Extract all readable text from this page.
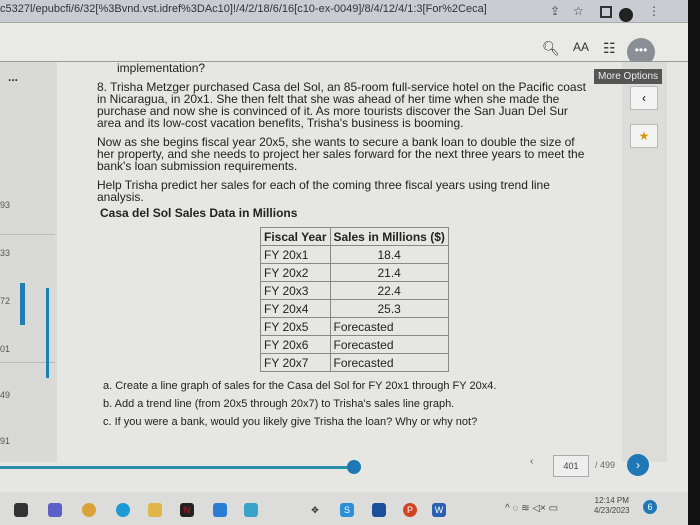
c5327l/epubcfi/6/32[%3Bvnd.vst.idref%3DAc10]!/4/2/18/6/16[c10-ex-0049]/8/4/12/4/1:3[For%2Ceca]	⇪ ☆	⋮
🔍︎ AA ☷	•••
More Options
...
93
33
72
01
49
91
‹
★

implementation?

8. Trisha Metzger purchased Casa del Sol, an 85-room full-service hotel on the Pacific coast in Nicaragua, in 20x1. She then felt that she was ahead of her time when she made the purchase and now she is convinced of it. As more tourists discover the San Juan Del Sur area and its low-cost vacation benefits, Trisha's business is booming.

Now as she begins fiscal year 20x5, she wants to secure a bank loan to double the size of her property, and she needs to project her sales forward for the next three years to meet the bank's loan submission requirements.

Help Trisha predict her sales for each of the coming three fiscal years using trend line analysis.

Casa del Sol Sales Data in Millions

Fiscal Year	Sales in Millions ($)
FY 20x1	18.4
FY 20x2	21.4
FY 20x3	22.4
FY 20x4	25.3
FY 20x5	Forecasted
FY 20x6	Forecasted
FY 20x7	Forecasted
a. Create a line graph of sales for the Casa del Sol for FY 20x1 through FY 20x4.
b. Add a trend line (from 20x5 through 20x7) to Trisha's sales line graph.
c. If you were a bank, would you likely give Trisha the loan? Why or why not?
‹	401	/ 499	›
N	✥	S	P	W	^ ◌ ≋ ◁× ▭
12:14 PM
4/23/2023	6
